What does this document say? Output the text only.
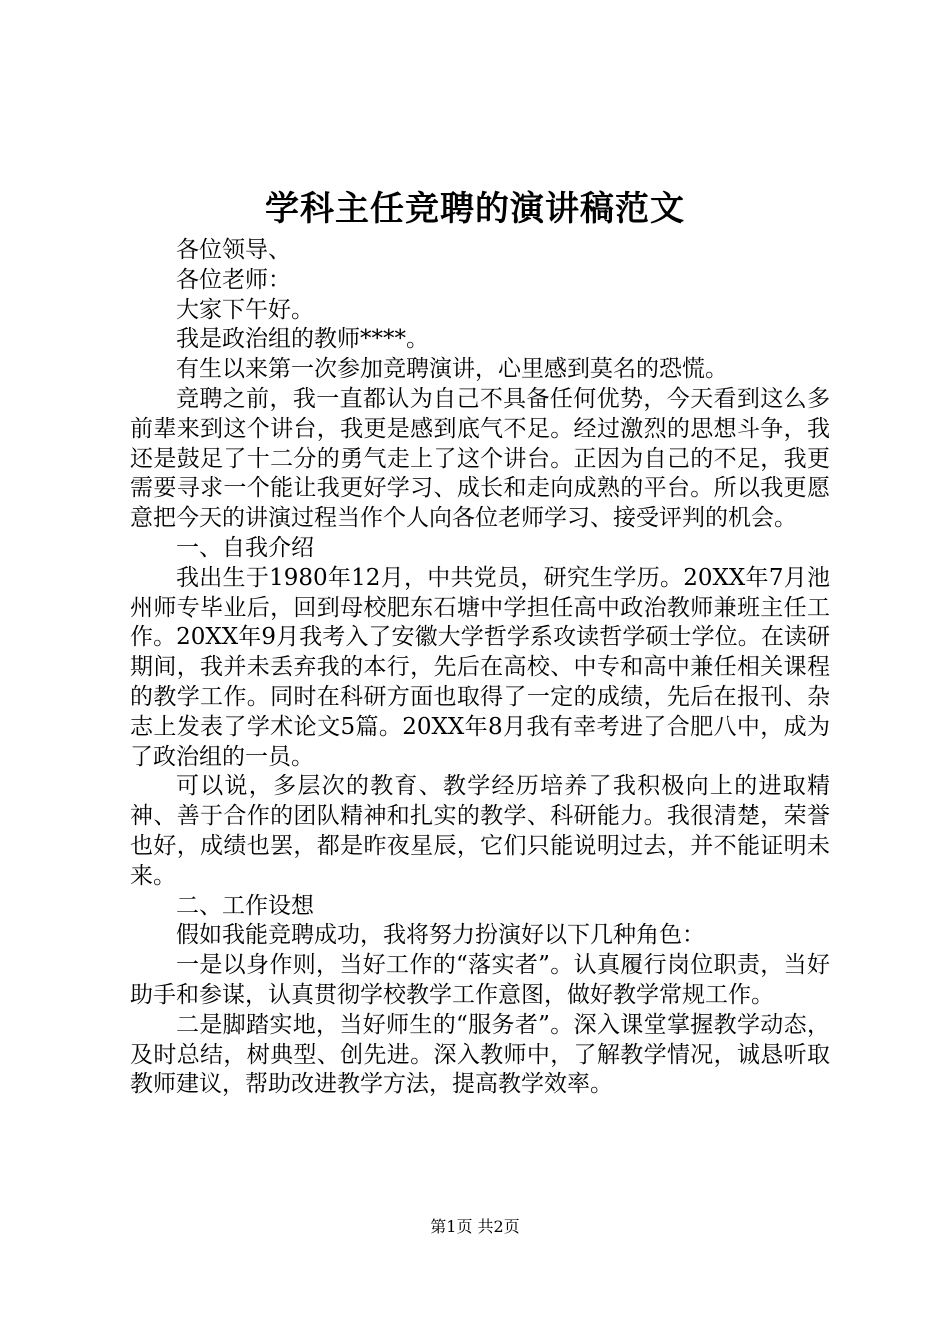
学科主任竞聘的演讲稿范文

各位领导、

各位老师：

大家下午好。

我是政治组的教师****。

有生以来第一次参加竞聘演讲，心里感到莫名的恐慌。

竞聘之前，我一直都认为自己不具备任何优势，今天看到这么多前辈来到这个讲台，我更是感到底气不足。经过激烈的思想斗争，我还是鼓足了十二分的勇气走上了这个讲台。正因为自己的不足，我更需要寻求一个能让我更好学习、成长和走向成熟的平台。所以我更愿意把今天的讲演过程当作个人向各位老师学习、接受评判的机会。

一、自我介绍

我出生于1980年12月，中共党员，研究生学历。20XX年7月池州师专毕业后，回到母校肥东石塘中学担任高中政治教师兼班主任工作。20XX年9月我考入了安徽大学哲学系攻读哲学硕士学位。在读研期间，我并未丢弃我的本行，先后在高校、中专和高中兼任相关课程的教学工作。同时在科研方面也取得了一定的成绩，先后在报刊、杂志上发表了学术论文5篇。20XX年8月我有幸考进了合肥八中，成为了政治组的一员。

可以说，多层次的教育、教学经历培养了我积极向上的进取精神、善于合作的团队精神和扎实的教学、科研能力。我很清楚，荣誉也好，成绩也罢，都是昨夜星辰，它们只能说明过去，并不能证明未来。

二、工作设想

假如我能竞聘成功，我将努力扮演好以下几种角色：

一是以身作则，当好工作的“落实者”。认真履行岗位职责，当好助手和参谋，认真贯彻学校教学工作意图，做好教学常规工作。

二是脚踏实地，当好师生的“服务者”。深入课堂掌握教学动态，及时总结，树典型、创先进。深入教师中，了解教学情况，诚恳听取教师建议，帮助改进教学方法，提高教学效率。

第1页 共2页
